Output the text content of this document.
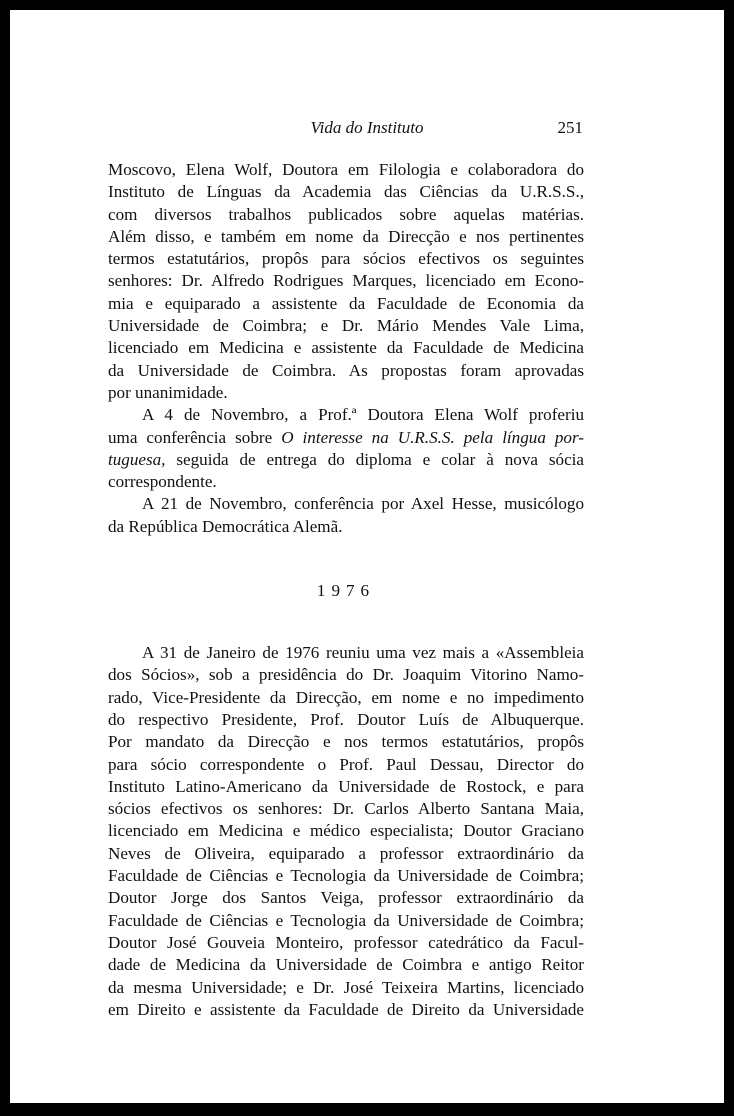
Vida do Instituto	251
Moscovo, Elena Wolf, Doutora em Filologia e colaboradora do
Instituto de Línguas da Academia das Ciências da U.R.S.S.,
com diversos trabalhos publicados sobre aquelas matérias.
Além disso, e também em nome da Direcção e nos pertinentes
termos estatutários, propôs para sócios efectivos os seguintes
senhores: Dr. Alfredo Rodrigues Marques, licenciado em Econo-
mia e equiparado a assistente da Faculdade de Economia da
Universidade de Coimbra; e Dr. Mário Mendes Vale Lima,
licenciado em Medicina e assistente da Faculdade de Medicina
da Universidade de Coimbra. As propostas foram aprovadas
por unanimidade.
A 4 de Novembro, a Prof.ª Doutora Elena Wolf proferiu
uma conferência sobre O interesse na U.R.S.S. pela língua por-
tuguesa, seguida de entrega do diploma e colar à nova sócia
correspondente.
A 21 de Novembro, conferência por Axel Hesse, musicólogo
da República Democrática Alemã.
1976
A 31 de Janeiro de 1976 reuniu uma vez mais a «Assembleia
dos Sócios», sob a presidência do Dr. Joaquim Vitorino Namo-
rado, Vice-Presidente da Direcção, em nome e no impedimento
do respectivo Presidente, Prof. Doutor Luís de Albuquerque.
Por mandato da Direcção e nos termos estatutários, propôs
para sócio correspondente o Prof. Paul Dessau, Director do
Instituto Latino-Americano da Universidade de Rostock, e para
sócios efectivos os senhores: Dr. Carlos Alberto Santana Maia,
licenciado em Medicina e médico especialista; Doutor Graciano
Neves de Oliveira, equiparado a professor extraordinário da
Faculdade de Ciências e Tecnologia da Universidade de Coimbra;
Doutor Jorge dos Santos Veiga, professor extraordinário da
Faculdade de Ciências e Tecnologia da Universidade de Coimbra;
Doutor José Gouveia Monteiro, professor catedrático da Facul-
dade de Medicina da Universidade de Coimbra e antigo Reitor
da mesma Universidade; e Dr. José Teixeira Martins, licenciado
em Direito e assistente da Faculdade de Direito da Universidade
